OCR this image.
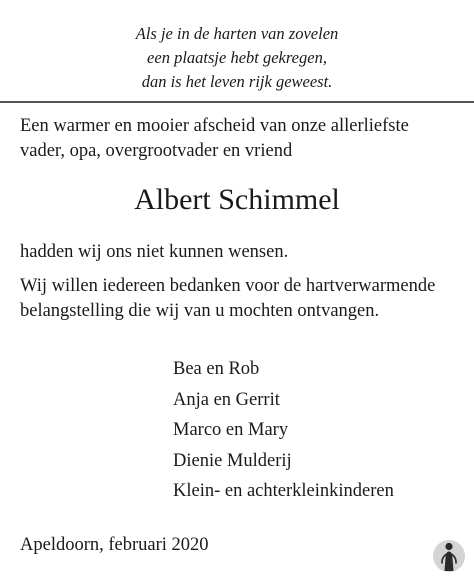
Als je in de harten van zovelen
een plaatsje hebt gekregen,
dan is het leven rijk geweest.
Een warmer en mooier afscheid van onze allerliefste
vader, opa, overgrootvader en vriend
Albert Schimmel
hadden wij ons niet kunnen wensen.
Wij willen iedereen bedanken voor de hartverwarmende
belangstelling die wij van u mochten ontvangen.
Bea en Rob
Anja en Gerrit
Marco en Mary
Dienie Mulderij
Klein- en achterkleinkinderen
Apeldoorn, februari 2020
